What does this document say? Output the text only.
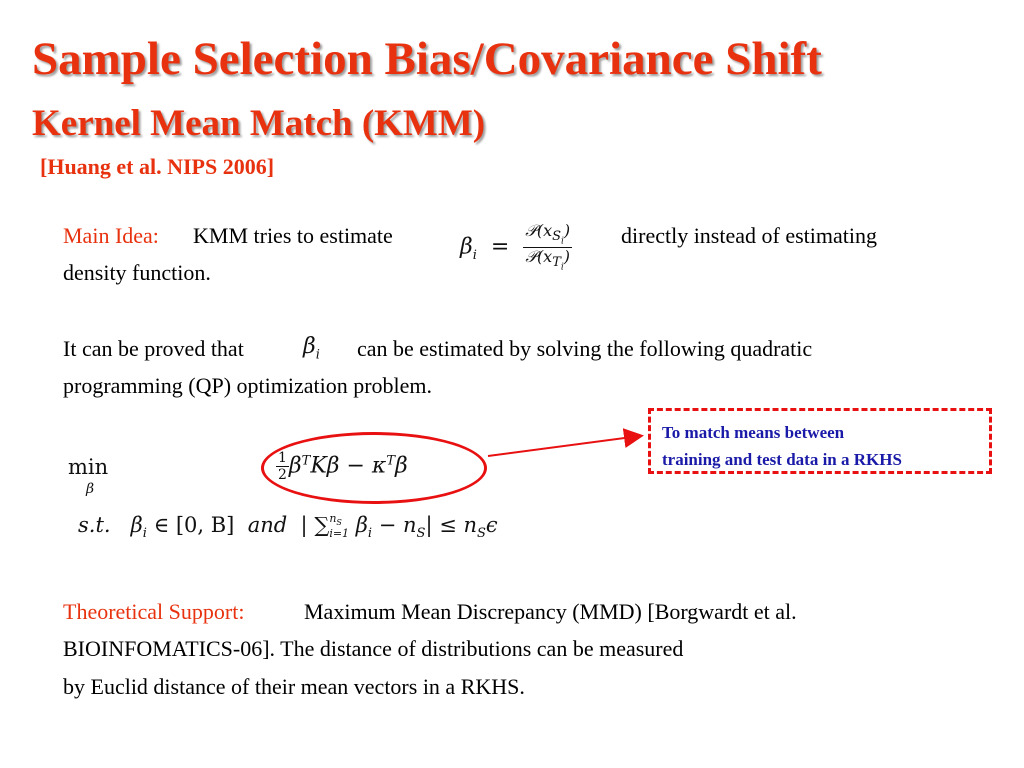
Sample Selection Bias/Covariance Shift
Kernel Mean Match (KMM)
[Huang et al. NIPS 2006]
Main Idea: KMM tries to estimate	$\beta_i = \frac{𝒫(x_{S_i})}{𝒫(x_{T_i})}$ directly instead of estimating
density function.
It can be proved that	$\beta_i$ can be estimated by solving the following quadratic
programming (QP) optimization problem.
min
β
$\frac{1}{2} \beta^TK\beta - \kappa^T\beta$
s.t.   $\beta_i$ ∈ [0, B]  and  | ∑ $n_S$
i=1 $\beta_i - n_S| \le n_S\epsilon$
To match means between
training and test data in a RKHS
Theoretical Support:	Maximum Mean Discrepancy (MMD) [Borgwardt et al.
BIOINFOMATICS-06]. The distance of distributions can be measured
by Euclid distance of their mean vectors in a RKHS.
